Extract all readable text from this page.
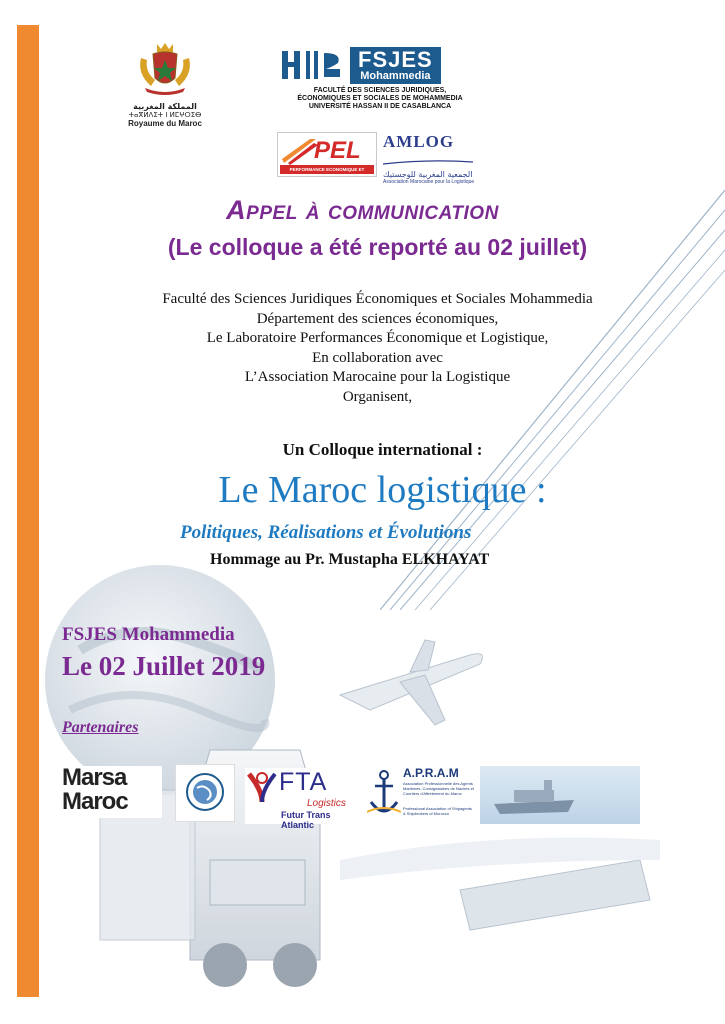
المملكة المغربية
ⵜⴰⴳⵍⴷⵉⵜ ⵏ ⵍⵎⵖⵔⵉⴱ
Royaume du Maroc
FSJES
Mohammedia
FACULTÉ DES SCIENCES JURIDIQUES,
ÉCONOMIQUES ET SOCIALES DE MOHAMMEDIA
UNIVERSITÉ HASSAN II DE CASABLANCA
PEL
PERFORMANCE ECONOMIQUE ET LOGISTIQUE
AMLOG
الجمعية المغربية للوجستيك
Association Marocaine pour la Logistique
Appel à communication
(Le colloque a été reporté au 02 juillet)
Faculté des Sciences Juridiques Économiques et Sociales Mohammedia
Département des sciences économiques,
Le Laboratoire Performances Économique et Logistique,
En collaboration avec
L’Association Marocaine pour la Logistique
Organisent,
Un Colloque international :
Le Maroc logistique :
Politiques, Réalisations et Évolutions
Hommage au Pr. Mustapha ELKHAYAT
FSJES Mohammedia
Le 02 Juillet 2019
Partenaires
Marsa
Maroc
FTA
Logistics
Futur Trans Atlantic
A.P.R.A.M
Association Professionnelle des Agents Maritimes, Consignataires de Navires et Courtiers d'Affrètement du Maroc
Professional Association of Shipagents & Shipbrokers of Morocco
